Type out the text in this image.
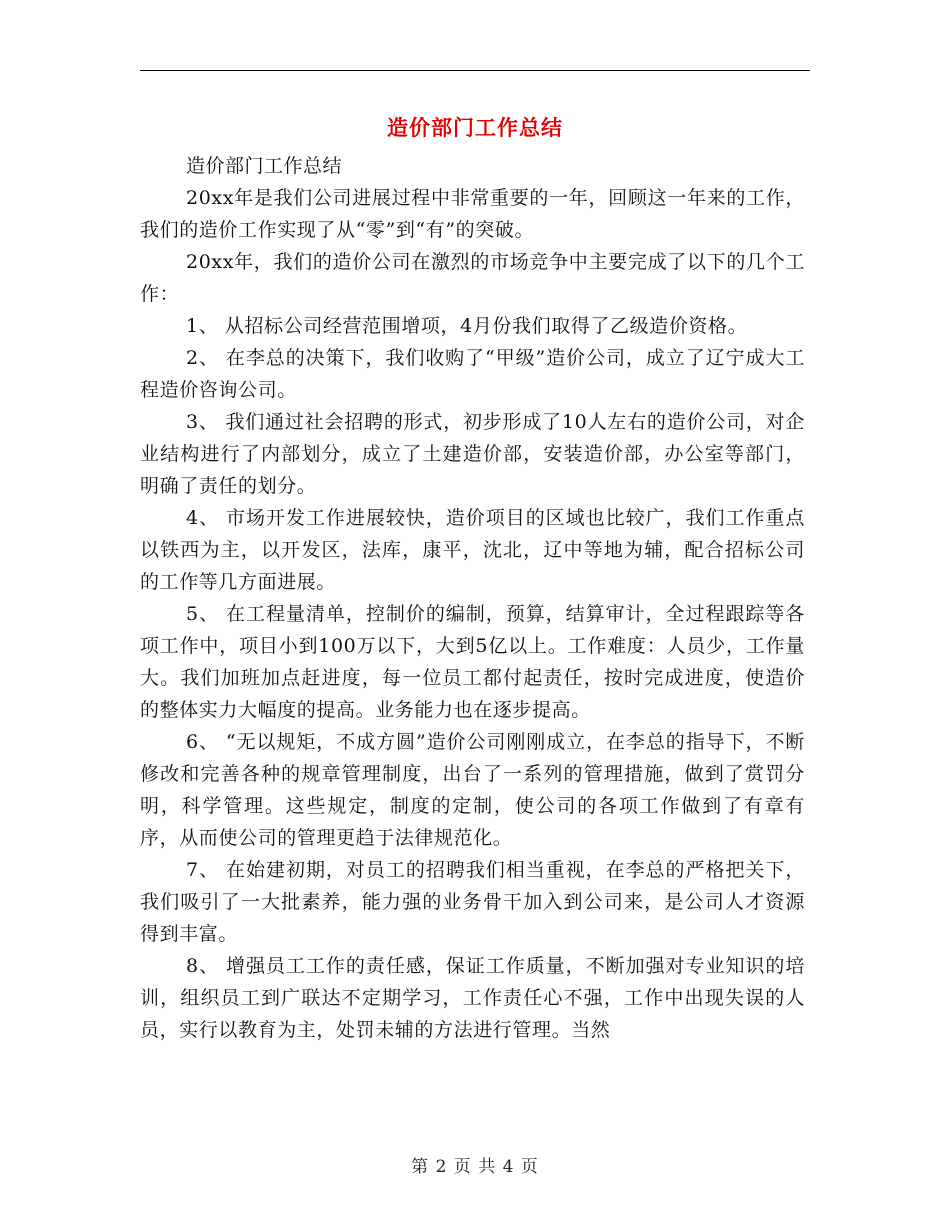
造价部门工作总结

造价部门工作总结

20xx年是我们公司进展过程中非常重要的一年，回顾这一年来的工作，我们的造价工作实现了从“零”到“有”的突破。

20xx年，我们的造价公司在激烈的市场竞争中主要完成了以下的几个工作：

1、 从招标公司经营范围增项，4月份我们取得了乙级造价资格。

2、 在李总的决策下，我们收购了“甲级”造价公司，成立了辽宁成大工程造价咨询公司。

3、 我们通过社会招聘的形式，初步形成了10人左右的造价公司，对企业结构进行了内部划分，成立了土建造价部，安装造价部，办公室等部门，明确了责任的划分。

4、 市场开发工作进展较快，造价项目的区域也比较广，我们工作重点以铁西为主，以开发区，法库，康平，沈北，辽中等地为辅，配合招标公司的工作等几方面进展。

5、 在工程量清单，控制价的编制，预算，结算审计，全过程跟踪等各项工作中，项目小到100万以下，大到5亿以上。工作难度：人员少，工作量大。我们加班加点赶进度，每一位员工都付起责任，按时完成进度，使造价的整体实力大幅度的提高。业务能力也在逐步提高。

6、 “无以规矩，不成方圆”造价公司刚刚成立，在李总的指导下，不断修改和完善各种的规章管理制度，出台了一系列的管理措施，做到了赏罚分明，科学管理。这些规定，制度的定制，使公司的各项工作做到了有章有序，从而使公司的管理更趋于法律规范化。

7、 在始建初期，对员工的招聘我们相当重视，在李总的严格把关下，我们吸引了一大批素养，能力强的业务骨干加入到公司来，是公司人才资源得到丰富。

8、 增强员工工作的责任感，保证工作质量，不断加强对专业知识的培训，组织员工到广联达不定期学习，工作责任心不强，工作中出现失误的人员，实行以教育为主，处罚未辅的方法进行管理。当然

第 2 页 共 4 页
